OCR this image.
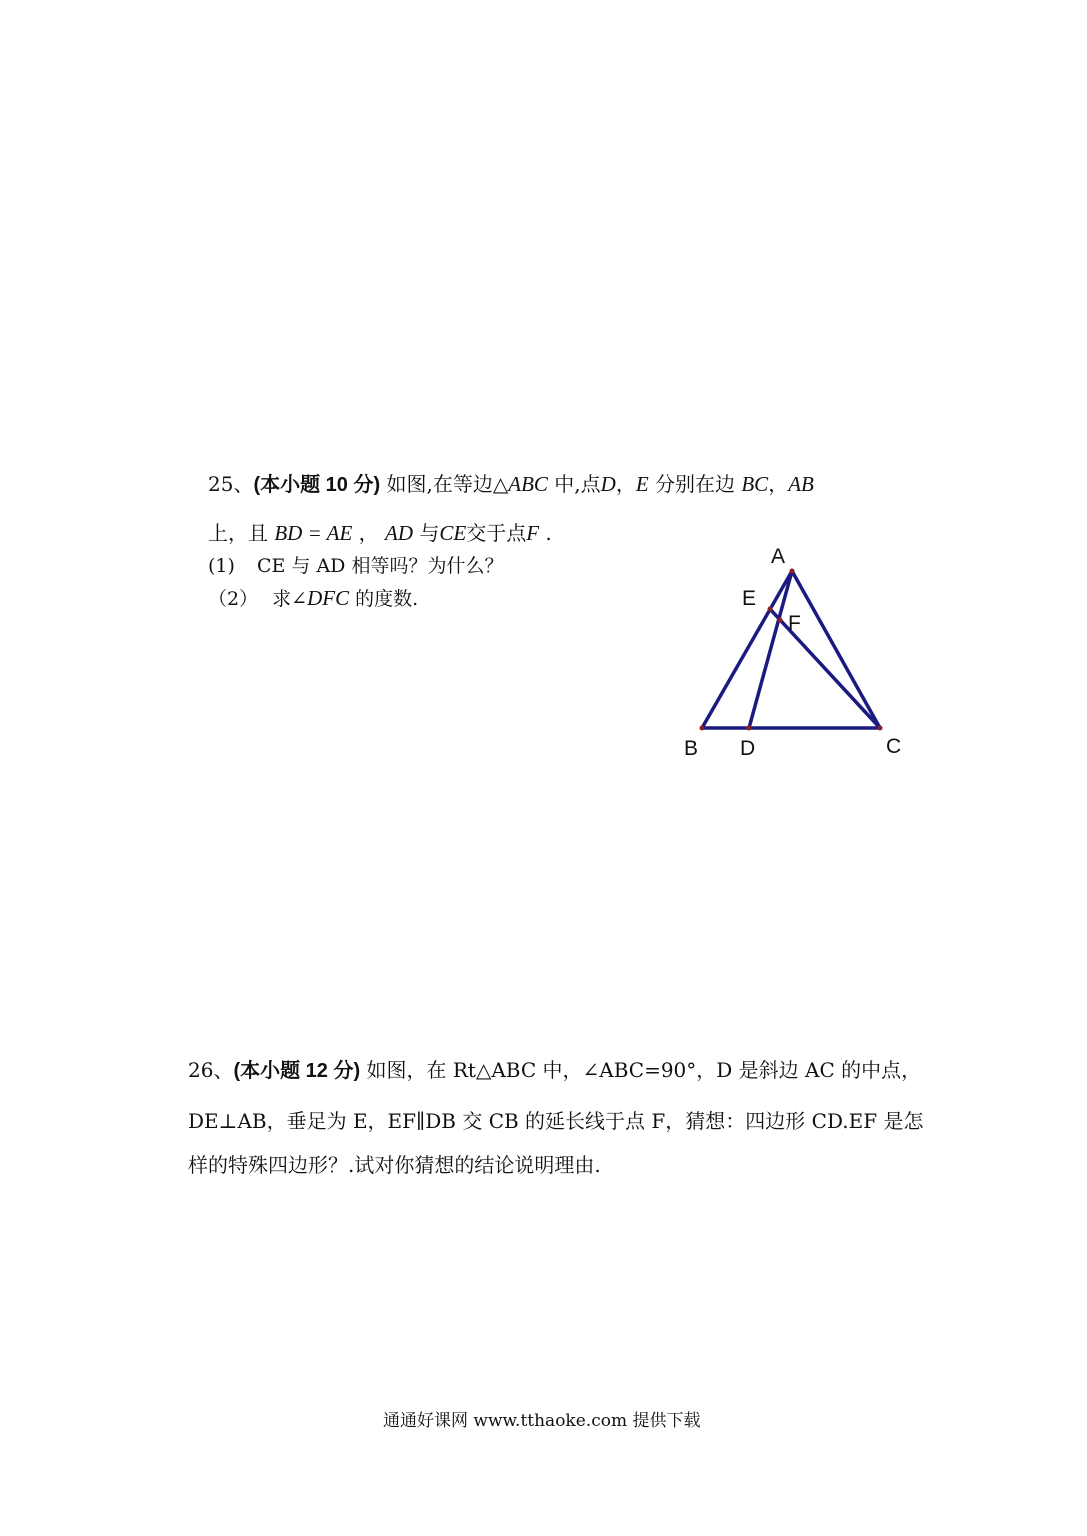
25、(本小题 10 分) 如图,在等边△ABC 中,点D，E 分别在边 BC，AB
上，且 BD = AE ， AD 与CE交于点F .
(1) CE 与 AD 相等吗？为什么？
（2） 求∠DFC 的度数.
A
E
F
B D	C
26、(本小题 12 分) 如图，在 Rt△ABC 中，∠ABC=90°，D 是斜边 AC 的中点，
DE⊥AB，垂足为 E，EF∥DB 交 CB 的延长线于点 F，猜想：四边形 CD.EF 是怎
样的特殊四边形？.试对你猜想的结论说明理由.
通通好课网 www.tthaoke.com 提供下载
